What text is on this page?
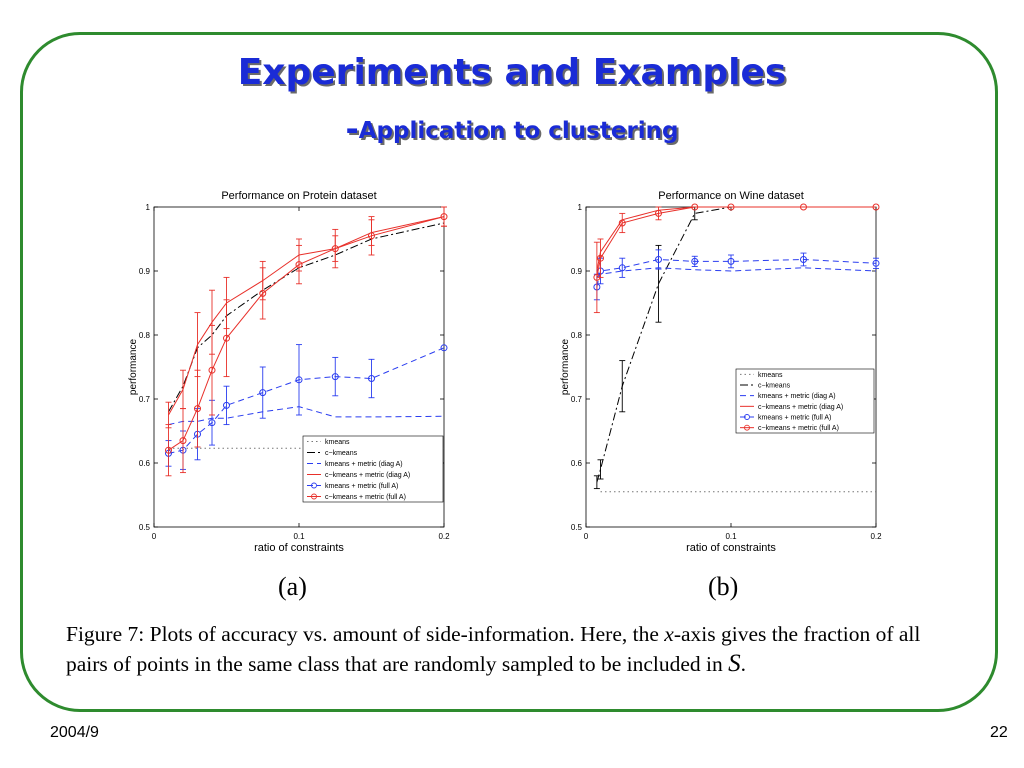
Experiments and Examples
-Application to clustering
Performance on Protein dataset
0.5
0.6
0.7
0.8
0.9
1
0	0.1	0.2
ratio of constraints
performance
kmeans
c−kmeans
kmeans + metric (diag A)
c−kmeans + metric (diag A)
kmeans + metric (full A)
c−kmeans + metric (full A)
Performance on Wine dataset
0.5
0.6
0.7
0.8
0.9
1
0	0.1	0.2
ratio of constraints
performance	kmeans
c−kmeans
kmeans + metric (diag A)
c−kmeans + metric (diag A)
kmeans + metric (full A)
c−kmeans + metric (full A)
(a)	(b)
Figure 7: Plots of accuracy vs. amount of side-information. Here, the x-axis gives the fraction of all pairs of points in the same class that are randomly sampled to be included in S.
2004/9	22
